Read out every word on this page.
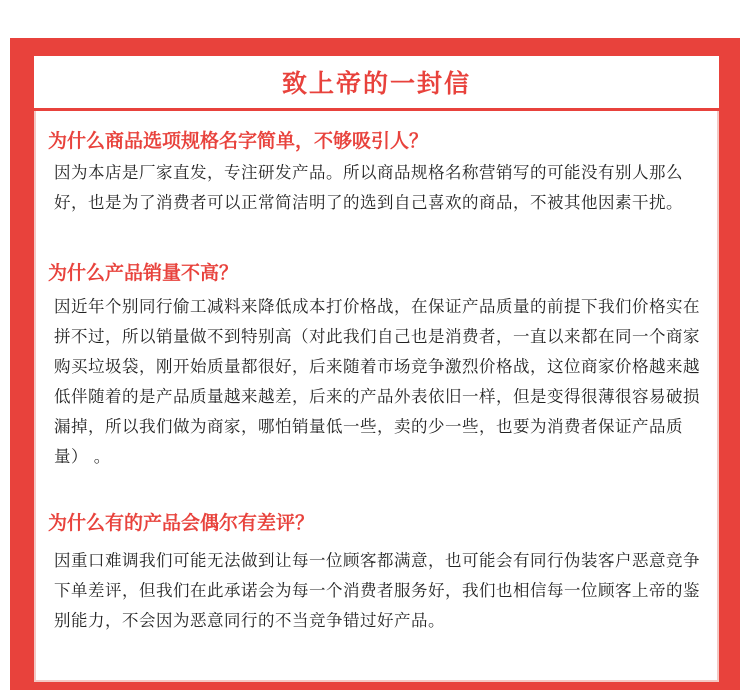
致上帝的一封信

为什么商品选项规格名字简单，不够吸引人？

因为本店是厂家直发，专注研发产品。所以商品规格名称营销写的可能没有别人那么好，也是为了消费者可以正常简洁明了的选到自己喜欢的商品，不被其他因素干扰。

为什么产品销量不高？

因近年个别同行偷工减料来降低成本打价格战，在保证产品质量的前提下我们价格实在拼不过，所以销量做不到特别高（对此我们自己也是消费者，一直以来都在同一个商家购买垃圾袋，刚开始质量都很好，后来随着市场竞争激烈价格战，这位商家价格越来越低伴随着的是产品质量越来越差，后来的产品外表依旧一样，但是变得很薄很容易破损漏掉，所以我们做为商家，哪怕销量低一些，卖的少一些，也要为消费者保证产品质量） 。

为什么有的产品会偶尔有差评？

因重口难调我们可能无法做到让每一位顾客都满意，也可能会有同行伪装客户恶意竞争下单差评，但我们在此承诺会为每一个消费者服务好，我们也相信每一位顾客上帝的鉴别能力，不会因为恶意同行的不当竞争错过好产品。
